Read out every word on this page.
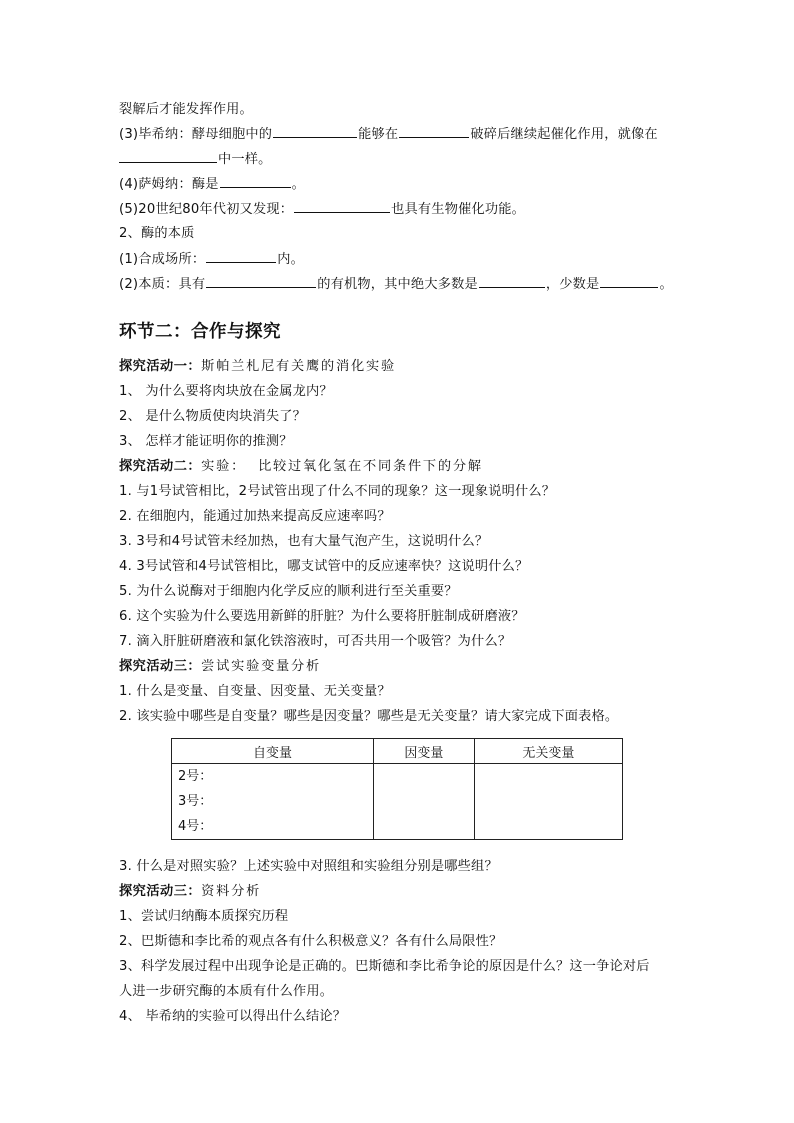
裂解后才能发挥作用。
(3)毕希纳：酵母细胞中的	能够在	破碎后继续起催化作用，就像在
中一样。
(4)萨姆纳：酶是	。
(5)20世纪80年代初又发现：	也具有生物催化功能。
2、酶的本质
(1)合成场所：	内。
(2)本质：具有	的有机物，其中绝大多数是	，少数是	。
环节二：合作与探究
探究活动一：斯帕兰札尼有关鹰的消化实验
1、 为什么要将肉块放在金属龙内？
2、 是什么物质使肉块消失了？
3、 怎样才能证明你的推测？
探究活动二：实验：  比较过氧化氢在不同条件下的分解
1. 与1号试管相比，2号试管出现了什么不同的现象？这一现象说明什么？
2. 在细胞内，能通过加热来提高反应速率吗？
3. 3号和4号试管未经加热，也有大量气泡产生，这说明什么？
4. 3号试管和4号试管相比，哪支试管中的反应速率快？这说明什么？
5. 为什么说酶对于细胞内化学反应的顺利进行至关重要？
6. 这个实验为什么要选用新鲜的肝脏？为什么要将肝脏制成研磨液？
7. 滴入肝脏研磨液和氯化铁溶液时，可否共用一个吸管？为什么？
探究活动三：尝试实验变量分析
1. 什么是变量、自变量、因变量、无关变量？
2. 该实验中哪些是自变量？哪些是因变量？哪些是无关变量？请大家完成下面表格。
自变量	因变量	无关变量

2号：
3号：
4号：		

3. 什么是对照实验？上述实验中对照组和实验组分别是哪些组？
探究活动三：资料分析
1、尝试归纳酶本质探究历程
2、巴斯德和李比希的观点各有什么积极意义？各有什么局限性？
3、科学发展过程中出现争论是正确的。巴斯德和李比希争论的原因是什么？这一争论对后
人进一步研究酶的本质有什么作用。
4、 毕希纳的实验可以得出什么结论？
